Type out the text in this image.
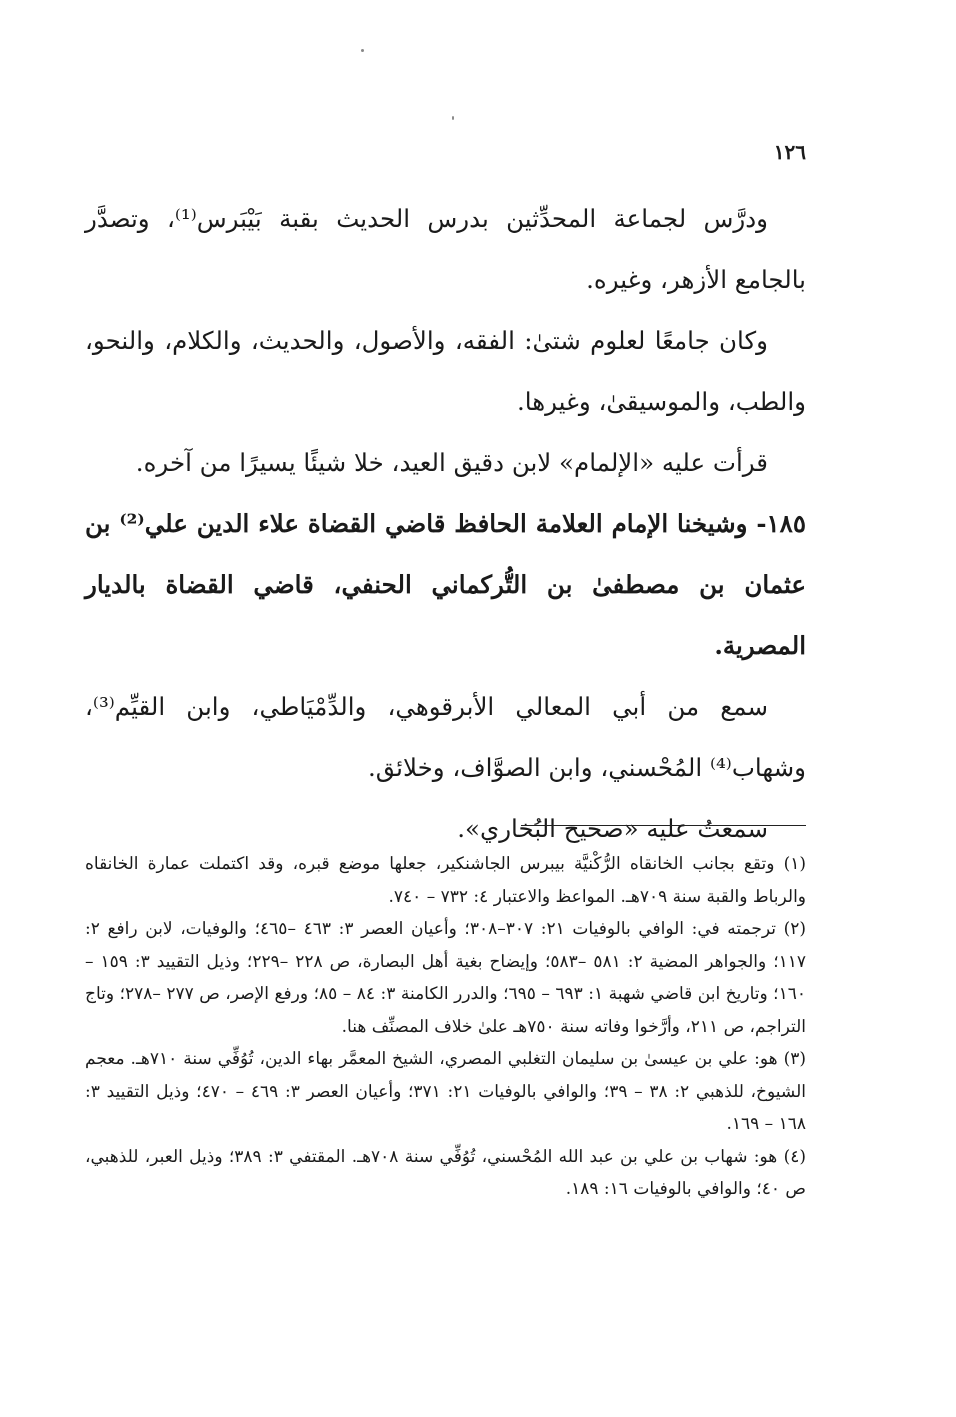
١٢٦

ودرَّس لجماعة المحدِّثين بدرس الحديث بقبة بَيْبَرس⁽¹⁾، وتصدَّر بالجامع الأزهر، وغيره.

وكان جامعًا لعلوم شتىٰ: الفقه، والأصول، والحديث، والكلام، والنحو، والطب، والموسيقىٰ، وغيرها.

قرأت عليه «الإلمام» لابن دقيق العيد، خلا شيئًا يسيرًا من آخره.

١٨٥- وشيخنا الإمام العلامة الحافظ قاضي القضاة علاء الدين علي⁽²⁾ بن عثمان بن مصطفىٰ بن التُّركماني الحنفي، قاضي القضاة بالديار المصرية.

سمع من أبي المعالي الأبرقوهي، والدِّمْيَاطي، وابن القيِّم⁽³⁾، وشهاب⁽⁴⁾ المُحْسني، وابن الصوَّاف، وخلائق.

سمعتُ عليه «صحيح البُخاري».

(١) وتقع بجانب الخانقاه الرُّكْنيَّة بيبرس الجاشنكير، جعلها موضع قبره، وقد اكتملت عمارة الخانقاه والرباط والقبة سنة ٧٠٩هـ. المواعظ والاعتبار ٤: ٧٣٢ – ٧٤٠.

(٢) ترجمته في: الوافي بالوفيات ٢١: ٣٠٧–٣٠٨؛ وأعيان العصر ٣: ٤٦٣ –٤٦٥؛ والوفيات، لابن رافع ٢: ١١٧؛ والجواهر المضية ٢: ٥٨١ –٥٨٣؛ وإيضاح بغية أهل البصارة، ص ٢٢٨ –٢٢٩؛ وذيل التقييد ٣: ١٥٩ – ١٦٠؛ وتاريخ ابن قاضي شهبة ١: ٦٩٣ – ٦٩٥؛ والدرر الكامنة ٣: ٨٤ – ٨٥؛ ورفع الإصر، ص ٢٧٧ –٢٧٨؛ وتاج التراجم، ص ٢١١، وأرَّخوا وفاته سنة ٧٥٠هـ علىٰ خلاف المصنِّف هنا.

(٣) هو: علي بن عيسىٰ بن سليمان التغلبي المصري، الشيخ المعمَّر بهاء الدين، تُوُفِّي سنة ٧١٠هـ. معجم الشيوخ، للذهبي ٢: ٣٨ – ٣٩؛ والوافي بالوفيات ٢١: ٣٧١؛ وأعيان العصر ٣: ٤٦٩ – ٤٧٠؛ وذيل التقييد ٣: ١٦٨ – ١٦٩.

(٤) هو: شهاب بن علي بن عبد الله المُحْسني، تُوُفِّي سنة ٧٠٨هـ. المقتفي ٣: ٣٨٩؛ وذيل العبر، للذهبي، ص ٤٠؛ والوافي بالوفيات ١٦: ١٨٩.
